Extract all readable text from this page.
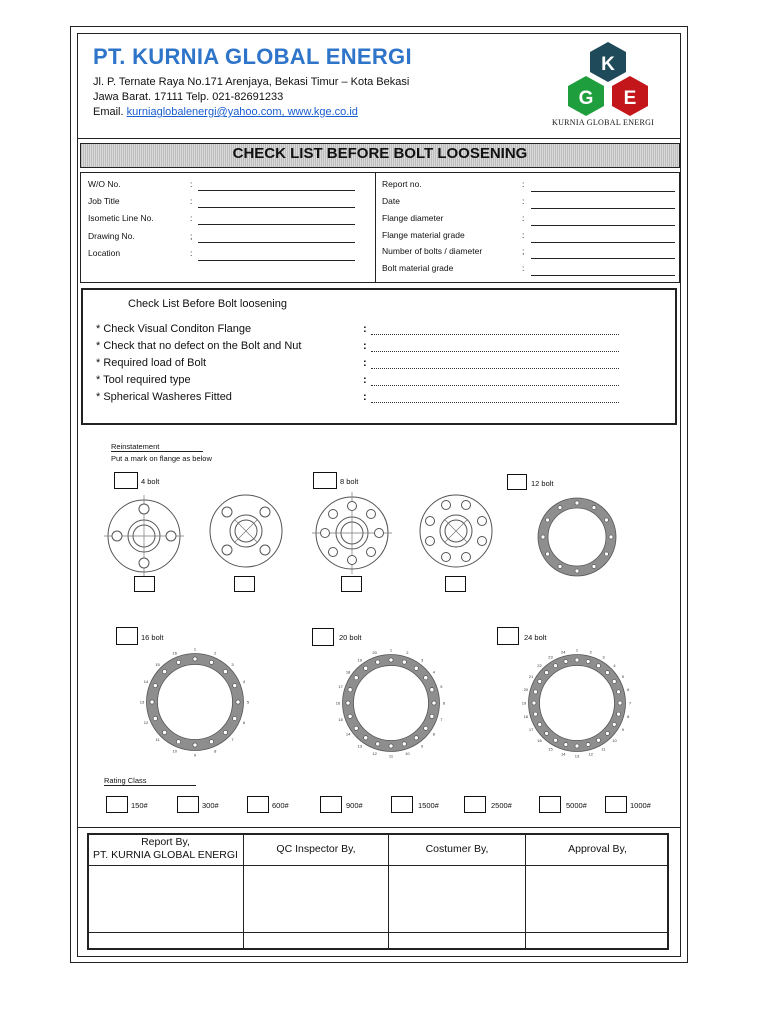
PT. KURNIA GLOBAL ENERGI
Jl. P. Ternate Raya No.171 Arenjaya, Bekasi Timur – Kota Bekasi
Jawa Barat. 17111 Telp. 021-82691233
Email. kurniaglobalenergi@yahoo.com, www.kge.co.id
K
G E
KURNIA GLOBAL ENERGI
CHECK LIST BEFORE BOLT LOOSENING
W/O No.	:
Job Title	:
Isometic Line No.	:
Drawing No.	;
Location	:
Report no.	:
Date	:
Flange diameter	:
Flange material grade	:
Number of bolts / diameter	;
Bolt material grade	:
Check List Before Bolt loosening
* Check Visual Conditon Flange	:
* Check that no defect on the Bolt and Nut	:
* Required load of Bolt	:
* Tool required type	:
* Spherical Washeres Fitted	:
Reinstatement
Put a mark on flange as below
4 bolt	8 bolt	12 bolt
16 bolt	20 bolt	24 bolt
1
2
3
4
5
6
7
8
9
10
11
12
13
14
15
16
1
2
3
4
5
6
7
8
9
10
11
12
13
14
15
16
17
18
19
20
1	2
3
4
5
6
7
8
9
10
11
12
13
14
15
16
17
18
19
20
21
22
23
24
Rating Class
150#	300#	600#	900#	1500#	2500#	5000#	1000#
Report By,
PT. KURNIA GLOBAL ENERGI	QC Inspector By,	Costumer By,	Approval By,
